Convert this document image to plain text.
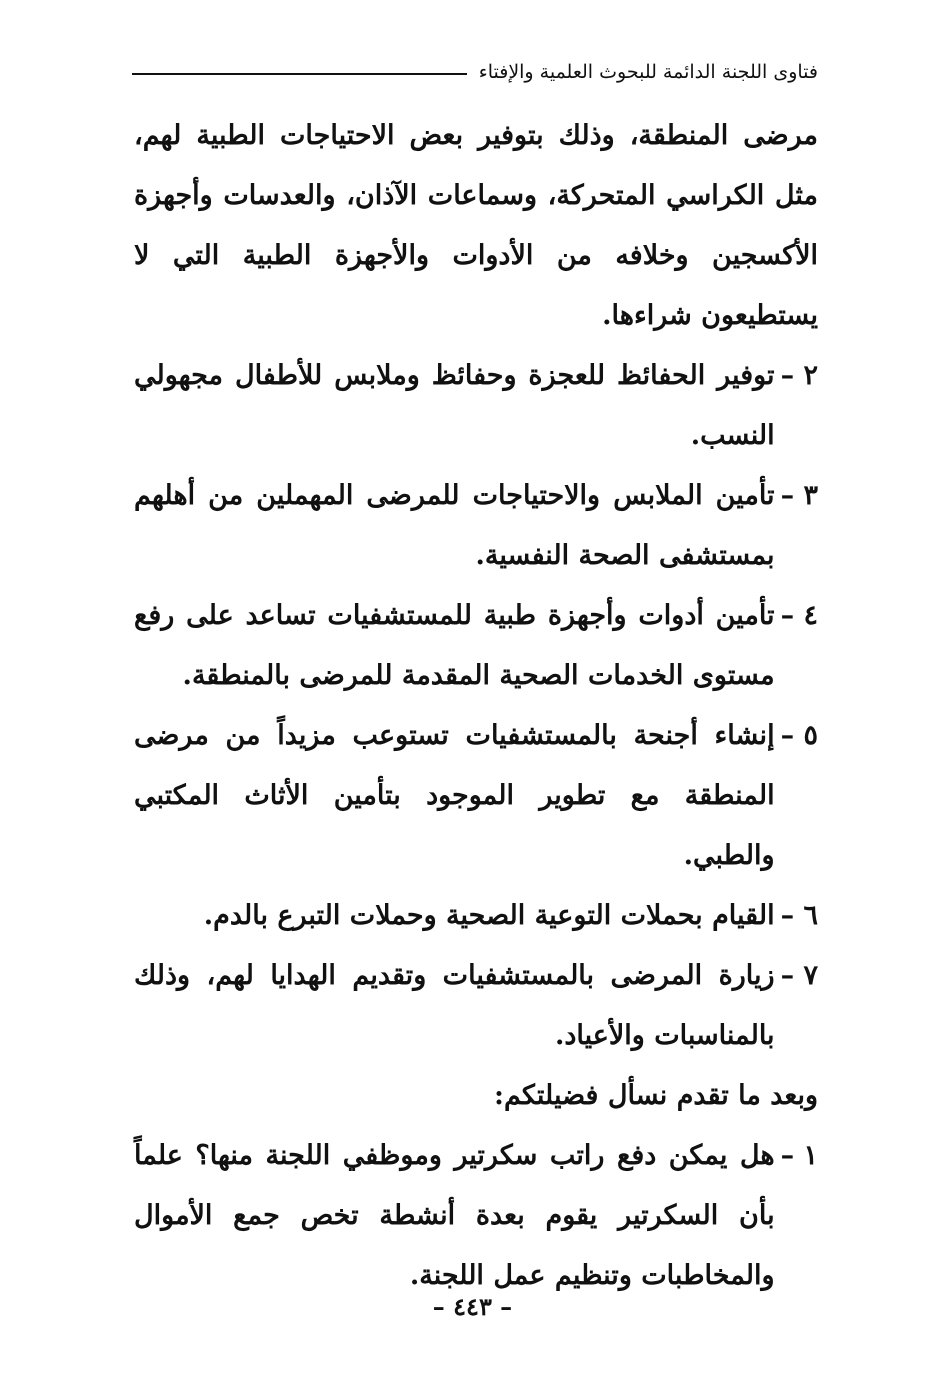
فتاوى اللجنة الدائمة للبحوث العلمية والإفتاء

مرضى المنطقة، وذلك بتوفير بعض الاحتياجات الطبية لهم، مثل الكراسي المتحركة، وسماعات الآذان، والعدسات وأجهزة الأكسجين وخلافه من الأدوات والأجهزة الطبية التي لا يستطيعون شراءها.

٢ –
توفير الحفائظ للعجزة وحفائظ وملابس للأطفال مجهولي النسب.
٣ –
تأمين الملابس والاحتياجات للمرضى المهملين من أهلهم بمستشفى الصحة النفسية.
٤ –
تأمين أدوات وأجهزة طبية للمستشفيات تساعد على رفع مستوى الخدمات الصحية المقدمة للمرضى بالمنطقة.
٥ –
إنشاء أجنحة بالمستشفيات تستوعب مزيداً من مرضى المنطقة مع تطوير الموجود بتأمين الأثاث المكتبي والطبي.
٦ –
القيام بحملات التوعية الصحية وحملات التبرع بالدم.
٧ –
زيارة المرضى بالمستشفيات وتقديم الهدايا لهم، وذلك بالمناسبات والأعياد.

وبعد ما تقدم نسأل فضيلتكم:

١ –
هل يمكن دفع راتب سكرتير وموظفي اللجنة منها؟ علماً بأن السكرتير يقوم بعدة أنشطة تخص جمع الأموال والمخاطبات وتنظيم عمل اللجنة.
– ٤٤٣ –
